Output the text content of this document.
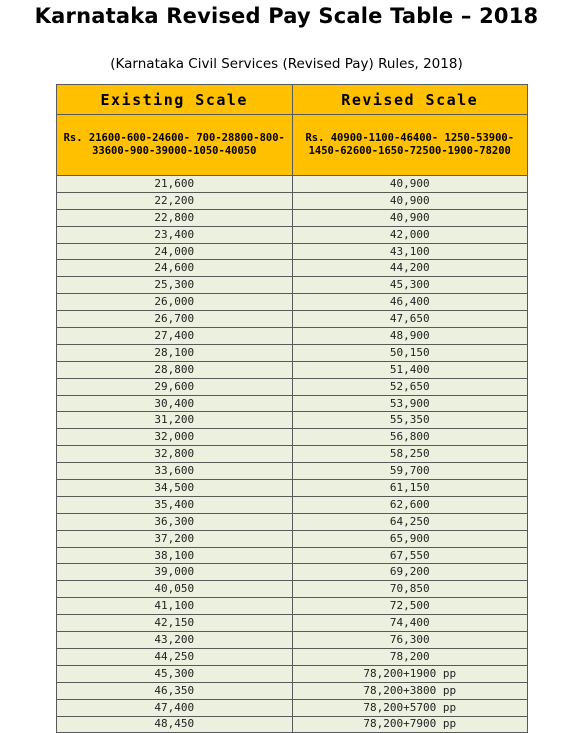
Karnataka Revised Pay Scale Table – 2018
(Karnataka Civil Services (Revised Pay) Rules, 2018)
Existing Scale	Revised Scale
Rs. 21600-600-24600- 700-28800-800-33600-900-39000-1050-40050	Rs. 40900-1100-46400- 1250-53900-1450-62600-1650-72500-1900-78200
21,600	40,900
22,200	40,900
22,800	40,900
23,400	42,000
24,000	43,100
24,600	44,200
25,300	45,300
26,000	46,400
26,700	47,650
27,400	48,900
28,100	50,150
28,800	51,400
29,600	52,650
30,400	53,900
31,200	55,350
32,000	56,800
32,800	58,250
33,600	59,700
34,500	61,150
35,400	62,600
36,300	64,250
37,200	65,900
38,100	67,550
39,000	69,200
40,050	70,850
41,100	72,500
42,150	74,400
43,200	76,300
44,250	78,200
45,300	78,200+1900 pp
46,350	78,200+3800 pp
47,400	78,200+5700 pp
48,450	78,200+7900 pp
